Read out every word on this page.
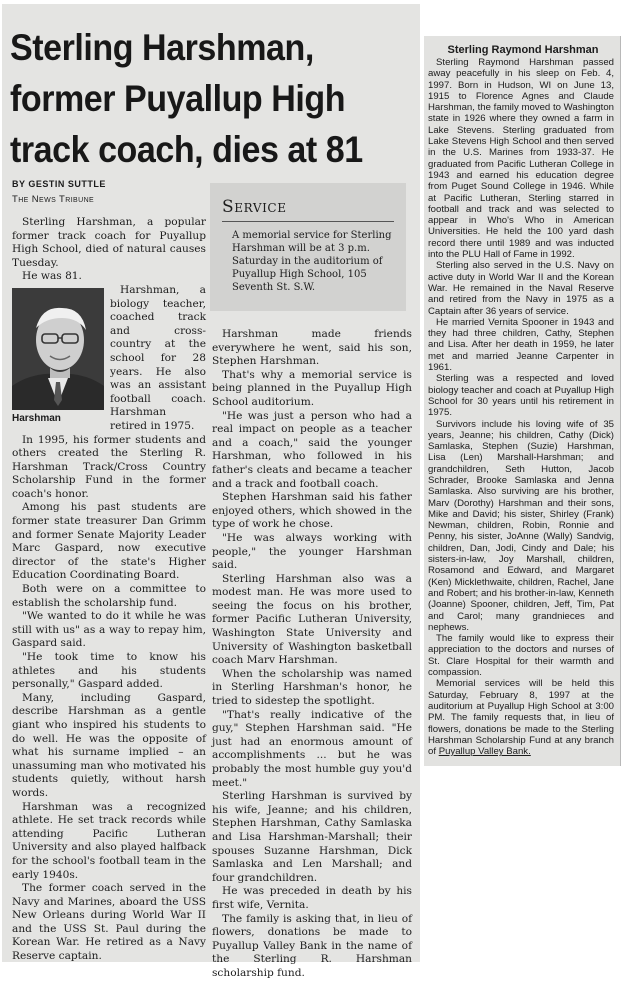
Sterling Harshman,
former Puyallup High
track coach, dies at 81
BY GESTIN SUTTLE
The News Tribune	Service
A memorial service for Sterling Harshman will be at 3 p.m. Saturday in the auditorium of Puyallup High School, 105 Seventh St. S.W.

Sterling Harshman, a popular former track coach for Puyallup High School, died of natural causes Tuesday.

He was 81.

Harshman

Harshman, a biology teacher, coached track and cross-country at the school for 28 years. He also was an assistant football coach. Harshman retired in 1975.

In 1995, his former students and others created the Sterling R. Harshman Track/Cross Country Scholarship Fund in the former coach's honor.

Among his past students are former state treasurer Dan Grimm and former Senate Majority Leader Marc Gaspard, now executive director of the state's Higher Education Coordinating Board.

Both were on a committee to establish the scholarship fund.

"We wanted to do it while he was still with us" as a way to repay him, Gaspard said.

"He took time to know his athletes and his students personally," Gaspard added.

Many, including Gaspard, describe Harshman as a gentle giant who inspired his students to do well. He was the opposite of what his surname implied – an unassuming man who motivated his students quietly, without harsh words.

Harshman was a recognized athlete. He set track records while attending Pacific Lutheran University and also played halfback for the school's football team in the early 1940s.

The former coach served in the Navy and Marines, aboard the USS New Orleans during World War II and the USS St. Paul during the Korean War. He retired as a Navy Reserve captain.

Harshman made friends everywhere he went, said his son, Stephen Harshman.

That's why a memorial service is being planned in the Puyallup High School auditorium.

"He was just a person who had a real impact on people as a teacher and a coach," said the younger Harshman, who followed in his father's cleats and became a teacher and a track and football coach.

Stephen Harshman said his father enjoyed others, which showed in the type of work he chose.

"He was always working with people," the younger Harshman said.

Sterling Harshman also was a modest man. He was more used to seeing the focus on his brother, former Pacific Lutheran University, Washington State University and University of Washington basketball coach Marv Harshman.

When the scholarship was named in Sterling Harshman's honor, he tried to sidestep the spotlight.

"That's really indicative of the guy," Stephen Harshman said. "He just had an enormous amount of accomplishments ... but he was probably the most humble guy you'd meet."

Sterling Harshman is survived by his wife, Jeanne; and his children, Stephen Harshman, Cathy Samlaska and Lisa Harshman-Marshall; their spouses Suzanne Harshman, Dick Samlaska and Len Marshall; and four grandchildren.

He was preceded in death by his first wife, Vernita.

The family is asking that, in lieu of flowers, donations be made to Puyallup Valley Bank in the name of the Sterling R. Harshman scholarship fund.

Sterling Raymond Harshman

Sterling Raymond Harshman passed away peacefully in his sleep on Feb. 4, 1997. Born in Hudson, WI on June 13, 1915 to Florence Agnes and Claude Harshman, the family moved to Washington state in 1926 where they owned a farm in Lake Stevens. Sterling graduated from Lake Stevens High School and then served in the U.S. Marines from 1933-37. He graduated from Pacific Lutheran College in 1943 and earned his education degree from Puget Sound College in 1946. While at Pacific Lutheran, Sterling starred in football and track and was selected to appear in Who's Who in American Universities. He held the 100 yard dash record there until 1989 and was inducted into the PLU Hall of Fame in 1992.

Sterling also served in the U.S. Navy on active duty in World War II and the Korean War. He remained in the Naval Reserve and retired from the Navy in 1975 as a Captain after 36 years of service.

He married Vernita Spooner in 1943 and they had three children, Cathy, Stephen and Lisa. After her death in 1959, he later met and married Jeanne Carpenter in 1961.

Sterling was a respected and loved biology teacher and coach at Puyallup High School for 30 years until his retirement in 1975.

Survivors include his loving wife of 35 years, Jeanne; his children, Cathy (Dick) Samlaska, Stephen (Suzie) Harshman, Lisa (Len) Marshall-Harshman; and grandchildren, Seth Hutton, Jacob Schrader, Brooke Samlaska and Jenna Samlaska. Also surviving are his brother, Marv (Dorothy) Harshman and their sons, Mike and David; his sister, Shirley (Frank) Newman, children, Robin, Ronnie and Penny, his sister, JoAnne (Wally) Sandvig, children, Dan, Jodi, Cindy and Dale; his sisters-in-law, Joy Marshall, children, Rosamond and Edward, and Margaret (Ken) Micklethwaite, children, Rachel, Jane and Robert; and his brother-in-law, Kenneth (Joanne) Spooner, children, Jeff, Tim, Pat and Carol; many grandnieces and nephews.

The family would like to express their appreciation to the doctors and nurses of St. Clare Hospital for their warmth and compassion.

Memorial services will be held this Saturday, February 8, 1997 at the auditorium at Puyallup High School at 3:00 PM. The family requests that, in lieu of flowers, donations be made to the Sterling Harshman Scholarship Fund at any branch of Puyallup Valley Bank.
